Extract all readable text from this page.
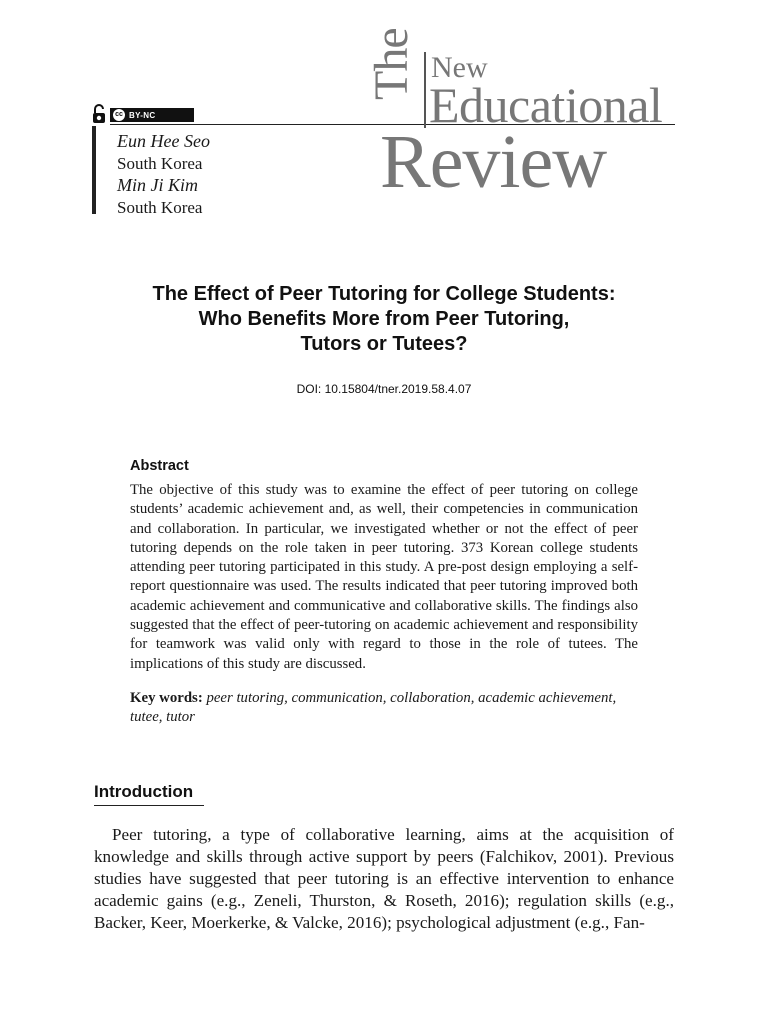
cc BY-NC
Eun Hee Seo
South Korea
Min Ji Kim
South Korea
The New
Educational
Review
The Effect of Peer Tutoring for College Students:
Who Benefits More from Peer Tutoring,
Tutors or Tutees?
DOI: 10.15804/tner.2019.58.4.07
Abstract
The objective of this study was to examine the effect of peer tutoring on college students’ academic achievement and, as well, their competencies in communication and collaboration. In particular, we investigated whether or not the effect of peer tutoring depends on the role taken in peer tutoring. 373 Korean college students attending peer tutoring participated in this study. A pre-post design employing a self-report questionnaire was used. The results indicated that peer tutoring improved both academic achievement and communicative and collaborative skills. The findings also suggested that the effect of peer-tutoring on academic achievement and responsibility for teamwork was valid only with regard to those in the role of tutees. The implications of this study are discussed.
Key words: peer tutoring, communication, collaboration, academic achievement, tutee, tutor
Introduction
Peer tutoring, a type of collaborative learning, aims at the acquisition of knowledge and skills through active support by peers (Falchikov, 2001). Previous studies have suggested that peer tutoring is an effective intervention to enhance academic gains (e.g., Zeneli, Thurston, & Roseth, 2016); regulation skills (e.g., Backer, Keer, Moerkerke, & Valcke, 2016); psychological adjustment (e.g., Fan-
